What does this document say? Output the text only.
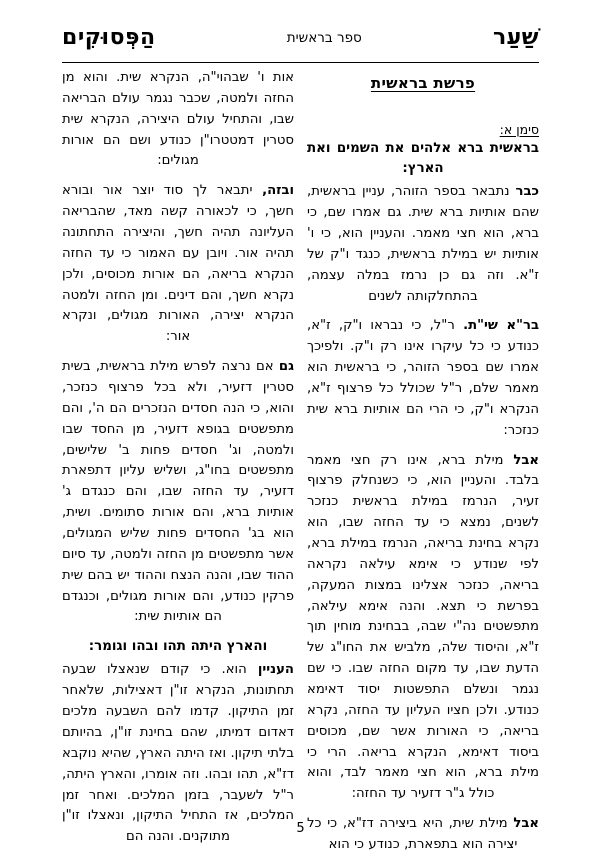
שַׁעַר
ספר בראשית
הַפְּסוּקִים
פרשת בראשית
סימן א:
בראשית ברא אלהים את השמים ואת הארץ:

כבר נתבאר בספר הזוהר, עניין בראשית, שהם אותיות ברא שית. גם אמרו שם, כי ברא, הוא חצי מאמר. והעניין הוא, כי ו' אותיות יש במילת בראשית, כנגד ו"ק של ז"א. וזה גם כן נרמז במלה עצמה, בהתחלקותה לשנים

בר"א שי"ת. ר"ל, כי נבראו ו"ק, ז"א, כנודע כי כל עיקרו אינו רק ו"ק. ולפיכך אמרו שם בספר הזוהר, כי בראשית הוא מאמר שלם, ר"ל שכולל כל פרצוף ז"א, הנקרא ו"ק, כי הרי הם אותיות ברא שית כנזכר:

אבל מילת ברא, אינו רק חצי מאמר בלבד. והעניין הוא, כי כשנחלק פרצוף זעיר, הנרמז במילת בראשית כנזכר לשנים, נמצא כי עד החזה שבו, הוא נקרא בחינת בריאה, הנרמז במילת ברא, לפי שנודע כי אימא עילאה נקראה בריאה, כנזכר אצלינו במצות המעקה, בפרשת כי תצא. והנה אימא עילאה, מתפשטים נה"י שבה, בבחינת מוחין תוך ז"א, והיסוד שלה, מלביש את החו"ג של הדעת שבו, עד מקום החזה שבו. כי שם נגמר ונשלם התפשטות יסוד דאימא כנודע. ולכן חציו העליון עד החזה, נקרא בריאה, כי האורות אשר שם, מכוסים ביסוד דאימא, הנקרא בריאה. הרי כי מילת ברא, הוא חצי מאמר לבד, והוא כולל ג"ר דזעיר עד החזה:

אבל מילת שית, היא ביצירה דז"א, כי כל יצירה הוא בתפארת, כנודע כי הוא

אות ו' שבהוי"ה, הנקרא שית. והוא מן החזה ולמטה, שכבר נגמר עולם הבריאה שבו, והתחיל עולם היצירה, הנקרא שית סטרין דמטטרו"ן כנודע ושם הם אורות מגולים:

ובזה, יתבאר לך סוד יוצר אור ובורא חשך, כי לכאורה קשה מאד, שהבריאה העליונה תהיה חשך, והיצירה התחתונה תהיה אור. ויובן עם האמור כי עד החזה הנקרא בריאה, הם אורות מכוסים, ולכן נקרא חשך, והם דינים. ומן החזה ולמטה הנקרא יצירה, האורות מגולים, ונקרא אור:

גם אם נרצה לפרש מילת בראשית, בשית סטרין דזעיר, ולא בכל פרצוף כנזכר, והוא, כי הנה חסדים הנזכרים הם ה', והם מתפשטים בגופא דזעיר, מן החסד שבו ולמטה, וג' חסדים פחות ב' שלישים, מתפשטים בחו"ג, ושליש עליון דתפארת דזעיר, עד החזה שבו, והם כנגדם ג' אותיות ברא, והם אורות סתומים. ושית, הוא בג' החסדים פחות שליש המגולים, אשר מתפשטים מן החזה ולמטה, עד סיום ההוד שבו, והנה הנצח וההוד יש בהם שית פרקין כנודע, והם אורות מגולים, וכנגדם הם אותיות שית:

והארץ היתה תהו ובהו וגומר:

העניין הוא. כי קודם שנאצלו שבעה תחתונות, הנקרא זו"ן דאצילות, שלאחר זמן התיקון. קדמו להם השבעה מלכים דאדום דמיתו, שהם בחינת זו"ן, בהיותם בלתי תיקון. ואז היתה הארץ, שהיא נוקבא דז"א, תהו ובהו. וזה אומרו, והארץ היתה, ר"ל לשעבר, בזמן המלכים. ואחר זמן המלכים, אז התחיל התיקון, ונאצלו זו"ן מתוקנים. והנה הם

5
